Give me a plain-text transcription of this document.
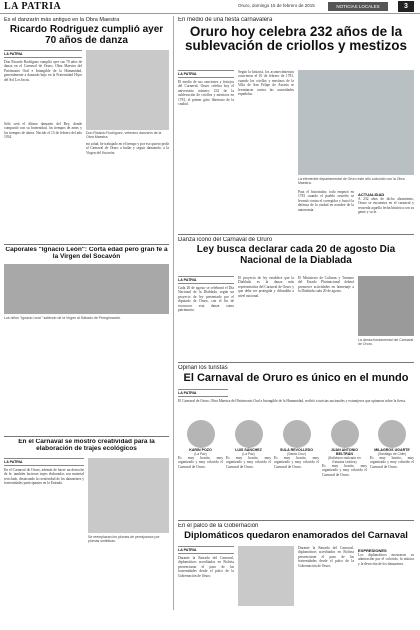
LA PATRIA	Oruro, domingo 15 de febrero de 2015	NOTICIAS LOCALES	3
Es el danzarín más antiguo en la Obra Maestra
Ricardo Rodríguez cumplió ayer 70 años de danza
LA PATRIA
Don Ricardo Rodríguez cumplió ayer sus 70 años de danza en el Carnaval de Oruro, Obra Maestra del Patrimonio Oral e Intangible de la Humanidad, generalmente a danzado bajo en la Fraternidad Hijos del Sol Los Incas.
Don Ricardo Rodríguez, veterano danzarín de la Obra Maestra.
Sólo será el último danzarín del Rey, donde compartió con su fraternidad, los tiempos de antes y los tiempos de ahora. Nacido el 13 de febrero del año 1934.
mi salud, he trabajado en el tiempo y por eso quiero pedir al Carnaval de Oruro a bailar y seguir danzando, a la Virgen del Socavón.
Caporales "Ignacio León": Corta edad pero gran fe a la Virgen del Socavón
Los niños "Ignacio León" saliendo de la Virgen al Sábado de Peregrinación.
En el Carnaval se mostró creatividad para la elaboración de trajes ecológicos
LA PATRIA
En el Carnaval de Oruro, además de hacer un derroche de fe, también lucieron trajes elaborados con material reciclado, destacando la creatividad de los danzarines y fraternidades participantes en la Entrada.
Se reemplazan los plumas de perrajueaux por plumas sintéticas.
En medio de una fiesta carnavalera
Oruro hoy celebra 232 años de la sublevación de criollos y mestizos
LA PATRIA
El medio de sus canciones y festejos del Carnaval, Oruro celebra hoy el aniversario número 232 de la sublevación de criollos y mestizos en 1781, el primer grito libertario de la ciudad.
Según la historia, los acontecimientos ocurrieron el 10 de febrero de 1781, cuando los criollos y mestizos de la Villa de San Felipe de Austria se levantaron contra las autoridades españolas.
La efeméride departamental de Oruro este año coincidió con la Obra Maestra.
Para el historiador, todo empezó en 1781 cuando el pueblo orureño se levantó contra el corregidor y buscó la defensa de la ciudad en nombre de la autonomía.
ACTUALIDAD
A 232 años de dicho alzamiento, Oruro se encuentra en el carnaval y recuerda aquella fecha histórica con su gente y su fe.
Danza icono del Carnaval de Oruro
Ley busca declarar cada 20 de agosto Día Nacional de la Diablada
LA PATRIA
Cada 20 de agosto se celebrará el Día Nacional de la Diablada, según un proyecto de ley presentado por el diputado de Oruro, con el fin de reconocer esta danza como patrimonio.
El proyecto de ley establece que la Diablada es la danza más representativa del Carnaval de Oruro y que debe ser protegida y difundida a nivel nacional.
El Ministerio de Culturas y Turismo del Estado Plurinacional deberá promover actividades en homenaje a la Diablada cada 20 de agosto.
La danza fundamental del Carnaval de Oruro.
Opinan los turistas
El Carnaval de Oruro es único en el mundo
LA PATRIA
El Carnaval de Oruro, Obra Maestra del Patrimonio Oral e Intangible de la Humanidad, recibió a turistas nacionales y extranjeros que opinaron sobre la fiesta.
KARIN POZO
(La Paz)
Es muy bonito, muy organizado y muy colorido el Carnaval de Oruro.
LUIS SÁNCHEZ
(La Paz)
Es muy bonito, muy organizado y muy colorido el Carnaval de Oruro.
SULA REVOLLEDO
(Santa Cruz)
Es muy bonito, muy organizado y muy colorido el Carnaval de Oruro.
JUAN ANTONIO BELTRÁN
(Boliviano radicado en Estados Unidos)
Es muy bonito, muy organizado y muy colorido el Carnaval de Oruro.
MILAGROS UGARTE
(Santiago de Chile)
Es muy bonito, muy organizado y muy colorido el Carnaval de Oruro.
En el palco de la Gobernación
Diplomáticos quedaron enamorados del Carnaval
LA PATRIA
Durante la Entrada del Carnaval, diplomáticos acreditados en Bolivia presenciaron el paso de las fraternidades desde el palco de la Gobernación de Oruro.
Durante la Entrada del Carnaval, diplomáticos acreditados en Bolivia presenciaron el paso de las fraternidades desde el palco de la Gobernación de Oruro.
EXPRESIONES
Los diplomáticos mostraron su admiración por el colorido, la música y la devoción de los danzarines.
